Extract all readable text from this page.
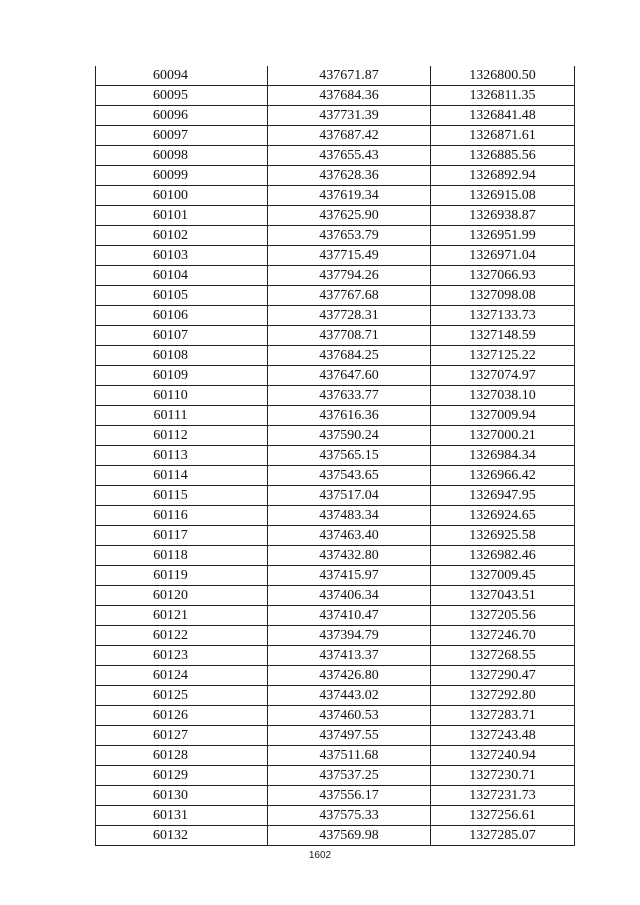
60094	437671.87	1326800.50
60095	437684.36	1326811.35
60096	437731.39	1326841.48
60097	437687.42	1326871.61
60098	437655.43	1326885.56
60099	437628.36	1326892.94
60100	437619.34	1326915.08
60101	437625.90	1326938.87
60102	437653.79	1326951.99
60103	437715.49	1326971.04
60104	437794.26	1327066.93
60105	437767.68	1327098.08
60106	437728.31	1327133.73
60107	437708.71	1327148.59
60108	437684.25	1327125.22
60109	437647.60	1327074.97
60110	437633.77	1327038.10
60111	437616.36	1327009.94
60112	437590.24	1327000.21
60113	437565.15	1326984.34
60114	437543.65	1326966.42
60115	437517.04	1326947.95
60116	437483.34	1326924.65
60117	437463.40	1326925.58
60118	437432.80	1326982.46
60119	437415.97	1327009.45
60120	437406.34	1327043.51
60121	437410.47	1327205.56
60122	437394.79	1327246.70
60123	437413.37	1327268.55
60124	437426.80	1327290.47
60125	437443.02	1327292.80
60126	437460.53	1327283.71
60127	437497.55	1327243.48
60128	437511.68	1327240.94
60129	437537.25	1327230.71
60130	437556.17	1327231.73
60131	437575.33	1327256.61
60132	437569.98	1327285.07
1602
